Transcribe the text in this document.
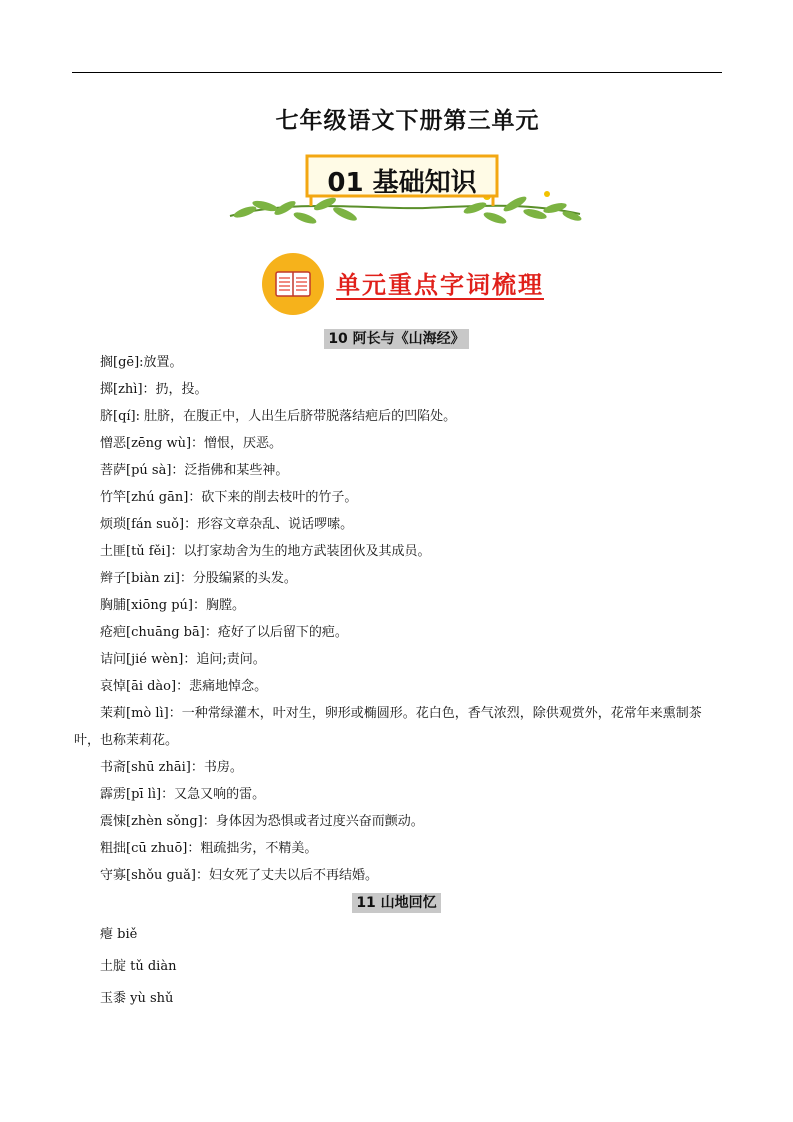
七年级语文下册第三单元
01 基础知识
单元重点字词梳理
10 阿长与《山海经》
搁[gē]:放置。
掷[zhì]：扔，投。
脐[qí]: 肚脐，在腹正中，人出生后脐带脱落结疤后的凹陷处。
憎恶[zēng wù]：憎恨，厌恶。
菩萨[pú sà]：泛指佛和某些神。
竹竿[zhú gān]：砍下来的削去枝叶的竹子。
烦琐[fán suǒ]：形容文章杂乱、说话啰嗦。
土匪[tǔ fěi]：以打家劫舍为生的地方武装团伙及其成员。
辫子[biàn zi]：分股编紧的头发。
胸脯[xiōng pú]：胸膛。
疮疤[chuāng bā]：疮好了以后留下的疤。
诘问[jié wèn]：追问;责问。
哀悼[āi dào]：悲痛地悼念。
茉莉[mò lì]：一种常绿灌木，叶对生，卵形或椭圆形。花白色，香气浓烈，除供观赏外，花常年来熏制茶叶，也称茉莉花。
书斋[shū zhāi]：书房。
霹雳[pī lì]：又急又响的雷。
震悚[zhèn sǒng]：身体因为恐惧或者过度兴奋而颤动。
粗拙[cū zhuō]：粗疏拙劣，不精美。
守寡[shǒu guǎ]：妇女死了丈夫以后不再结婚。
11 山地回忆
瘪 biě
土腚 tǔ diàn
玉黍 yù shǔ
